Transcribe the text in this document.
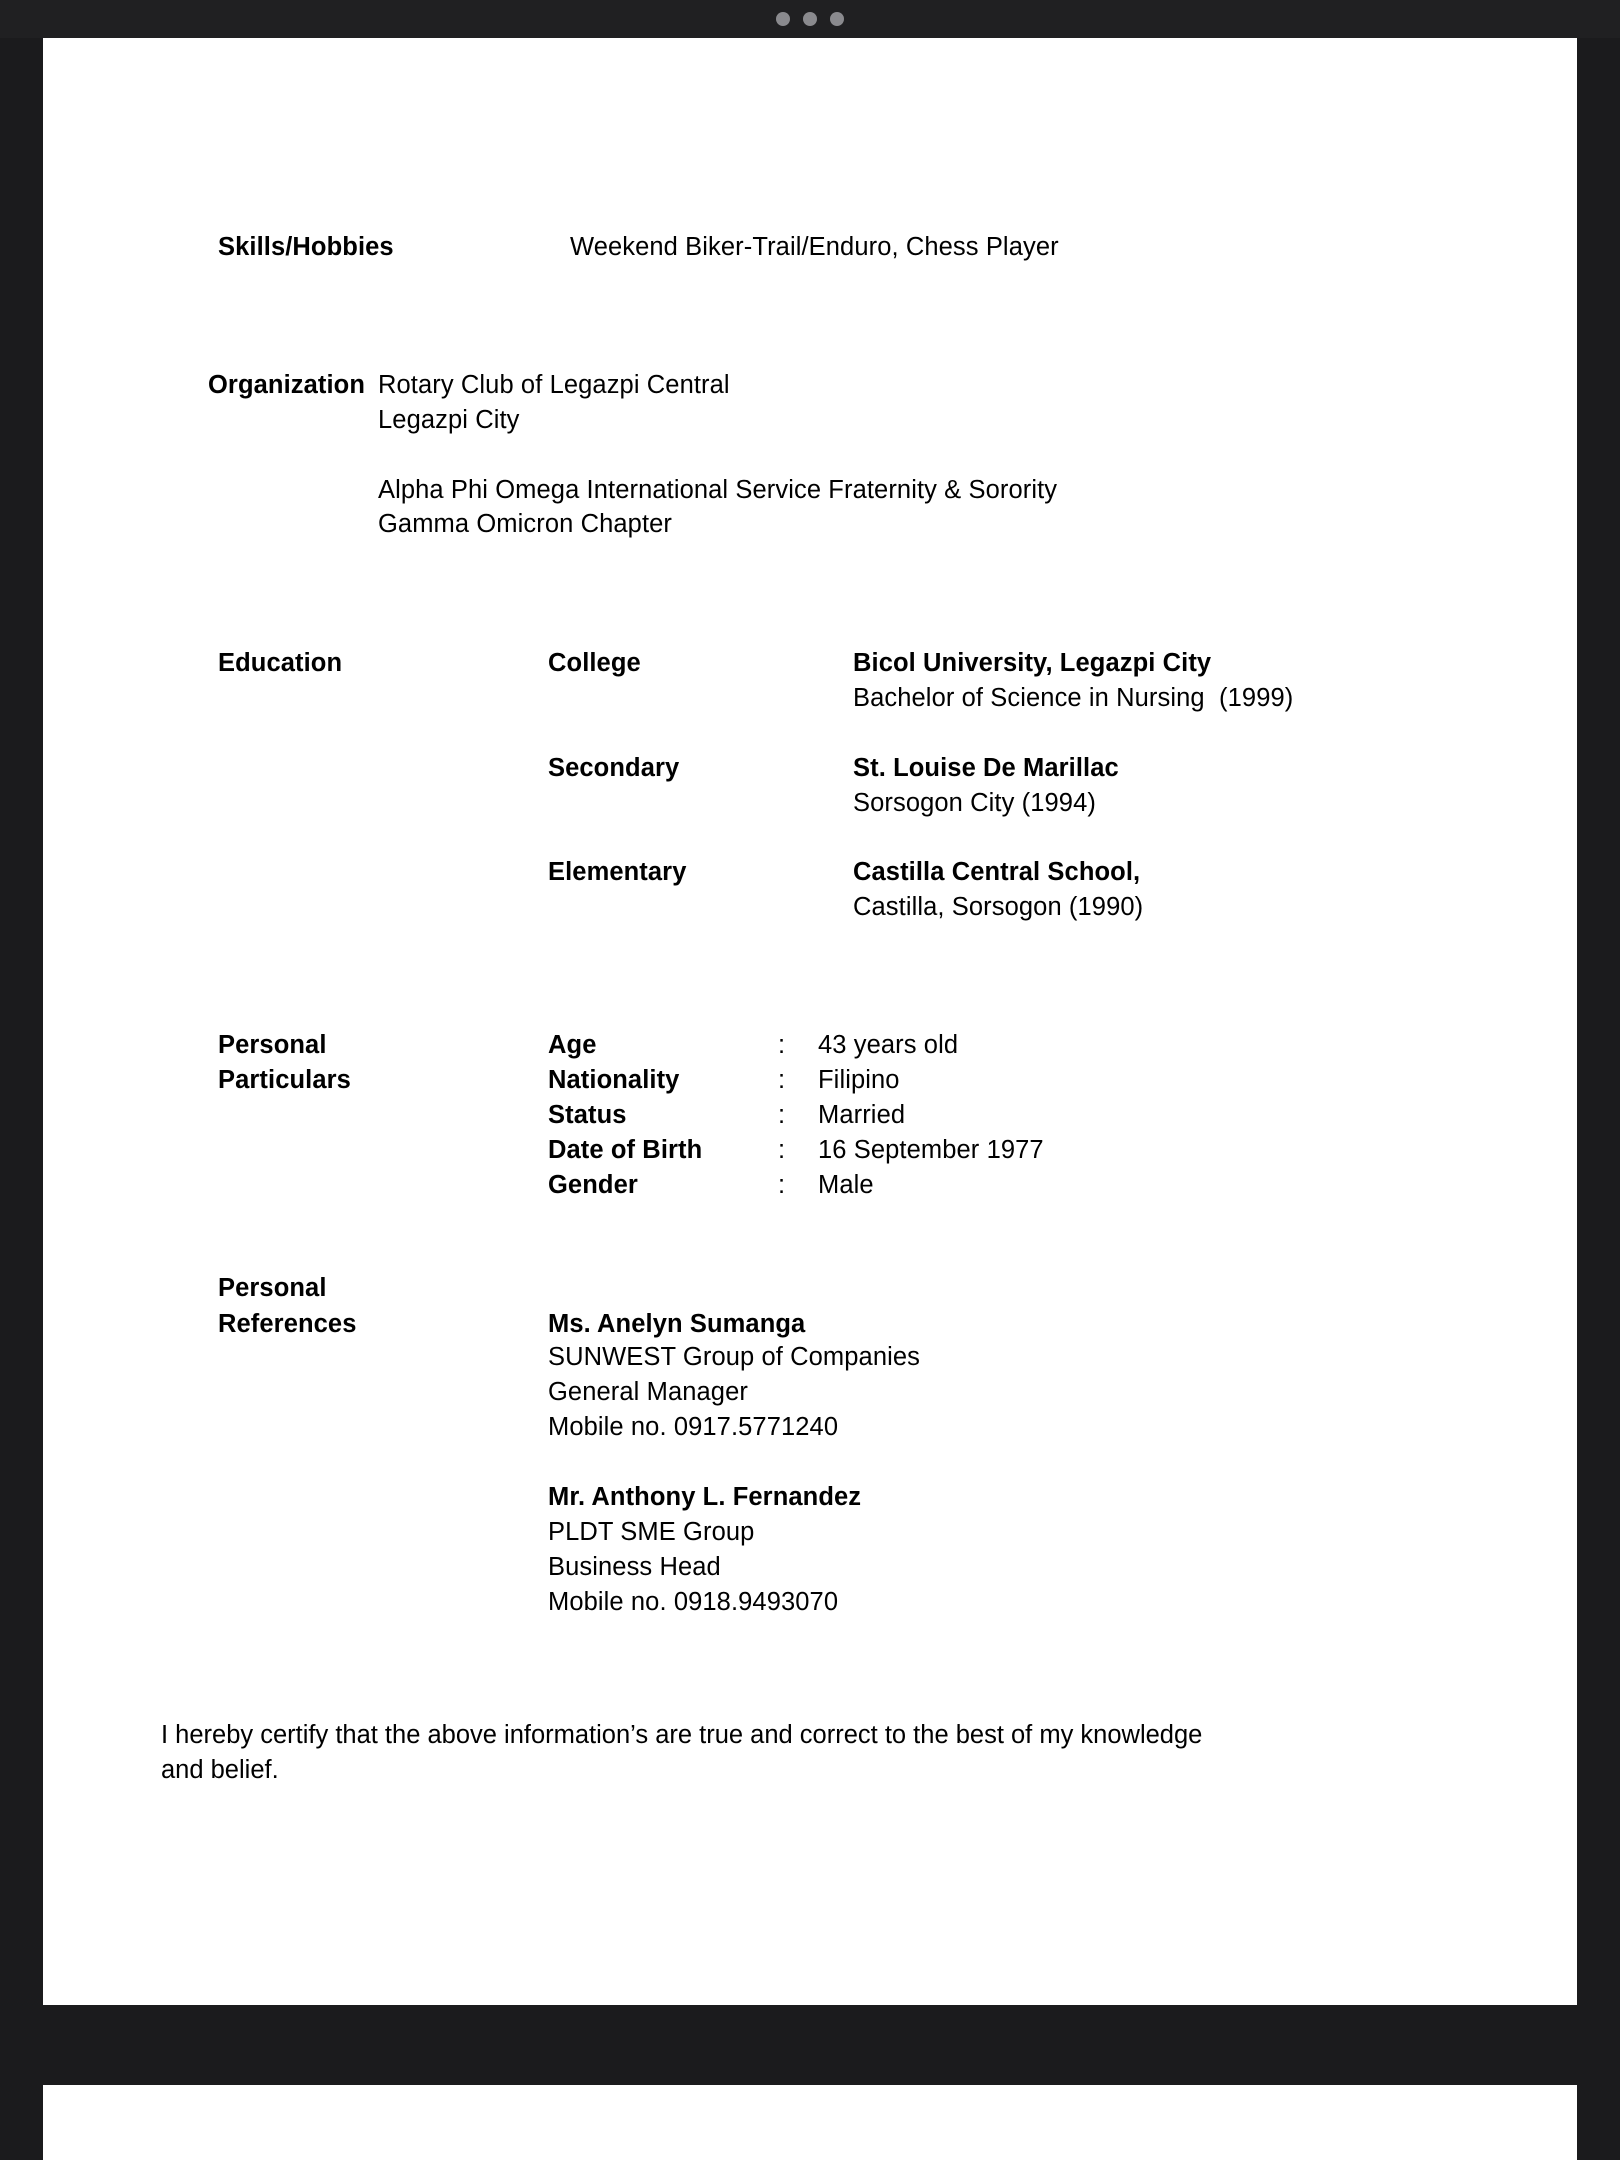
Skills/Hobbies	Weekend Biker-Trail/Enduro, Chess Player
Organization Rotary Club of Legazpi Central
Legazpi City
Alpha Phi Omega International Service Fraternity & Sorority
Gamma Omicron Chapter
Education	College	Bicol University, Legazpi City
Bachelor of Science in Nursing  (1999)
Secondary	St. Louise De Marillac
Sorsogon City (1994)
Elementary	Castilla Central School,
Castilla, Sorsogon (1990)
Personal
Particulars
Age	: 43 years old
Nationality	: Filipino
Status	: Married
Date of Birth	: 16 September 1977
Gender	: Male
Personal
References	Ms. Anelyn Sumanga
SUNWEST Group of Companies
General Manager
Mobile no. 0917.5771240
Mr. Anthony L. Fernandez
PLDT SME Group
Business Head
Mobile no. 0918.9493070
I hereby certify that the above information’s are true and correct to the best of my knowledge and belief.
